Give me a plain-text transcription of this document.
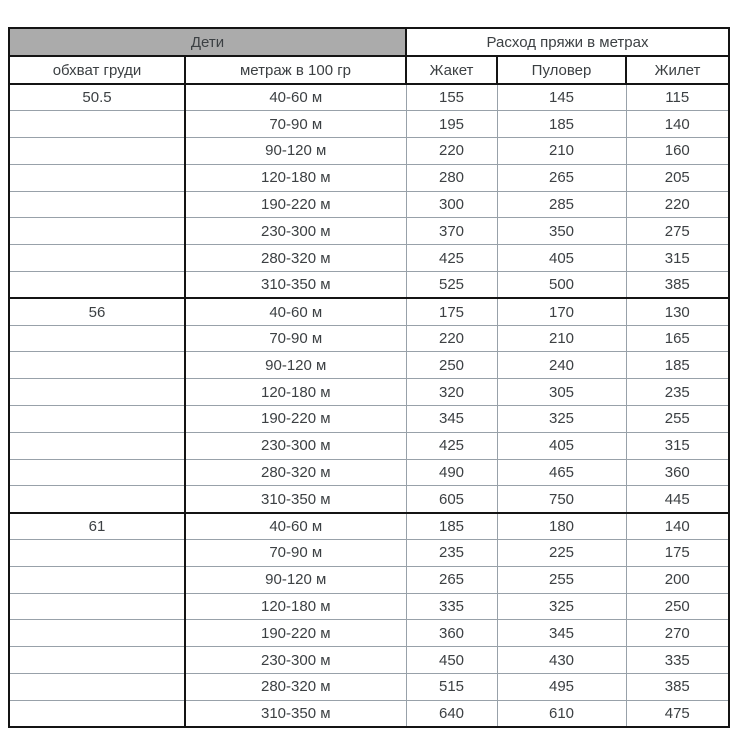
Дети		Расход пряжи в метрах		
обхват груди	метраж в 100 гр	Жакет	Пуловер	Жилет
50.5	40-60 м	155	145	115
	70-90 м	195	185	140
	90-120 м	220	210	160
	120-180 м	280	265	205
	190-220 м	300	285	220
	230-300 м	370	350	275
	280-320 м	425	405	315
	310-350 м	525	500	385
56	40-60 м	175	170	130
	70-90 м	220	210	165
	90-120 м	250	240	185
	120-180 м	320	305	235
	190-220 м	345	325	255
	230-300 м	425	405	315
	280-320 м	490	465	360
	310-350 м	605	750	445
61	40-60 м	185	180	140
	70-90 м	235	225	175
	90-120 м	265	255	200
	120-180 м	335	325	250
	190-220 м	360	345	270
	230-300 м	450	430	335
	280-320 м	515	495	385
	310-350 м	640	610	475
